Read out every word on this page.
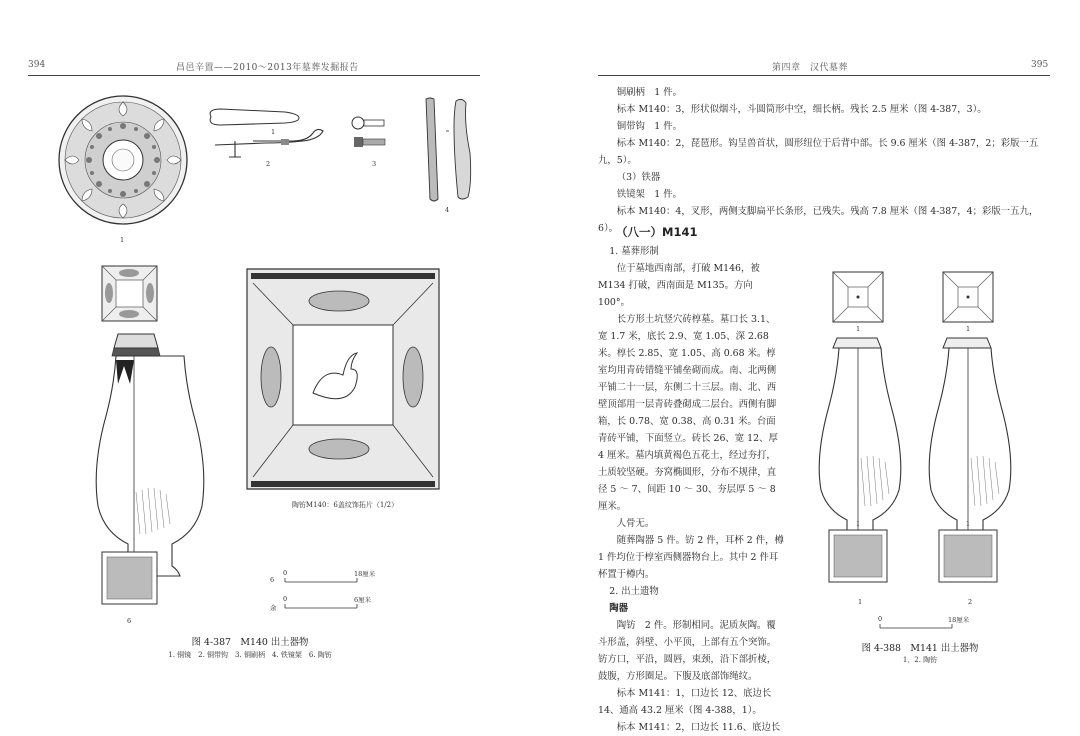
394	昌邑辛置——2010～2013年墓葬发掘报告
1
2
1
3
4
6
陶钫M140：6盖纹饰拓片（1/2）
0	18厘米
6
0	6厘米
余
图 4-387　M140 出土器物
1. 铜镜　2. 铜带钩　3. 铜刷柄　4. 铁镜架　6. 陶钫
第四章　汉代墓葬	395

铜刷柄　1 件。

标本 M140：3，形状似烟斗，斗圆筒形中空，细长柄。残长 2.5 厘米（图 4-387，3）。

铜带钩　1 件。

标本 M140：2，琵琶形。钩呈兽首状，圆形纽位于后背中部。长 9.6 厘米（图 4-387，2；彩版一五九，5）。

（3）铁器

铁镜架　1 件。

标本 M140：4，叉形，两侧支脚扁平长条形，已残失。残高 7.8 厘米（图 4-387，4；彩版一五九，6）。

（八一）M141

1. 墓葬形制

位于墓地西南部，打破 M146，被 M134 打破，西南面是 M135。方向 100°。

长方形土坑竖穴砖椁墓。墓口长 3.1、宽 1.7 米，底长 2.9、宽 1.05、深 2.68 米。椁长 2.85、宽 1.05、高 0.68 米。椁室均用青砖错缝平铺垒砌而成。南、北两侧平铺二十一层，东侧二十三层。南、北、西壁顶部用一层青砖叠砌成二层台。西侧有脚箱，长 0.78、宽 0.38、高 0.31 米。台面青砖平铺，下面竖立。砖长 26、宽 12、厚 4 厘米。墓内填黄褐色五花土，经过夯打，土质较坚硬。夯窝椭圆形，分布不规律，直径 5 ～ 7、间距 10 ～ 30、夯层厚 5 ～ 8 厘米。

人骨无。

随葬陶器 5 件。钫 2 件，耳杯 2 件，樽 1 件均位于椁室西侧器物台上。其中 2 件耳杯置于樽内。

2. 出土遗物

陶器

陶钫　2 件。形制相同。泥质灰陶。覆斗形盖，斜壁、小平顶，上部有五个突饰。钫方口，平沿，圆唇，束颈，沿下部折棱，鼓腹，方形圈足。下腹及底部饰绳纹。

标本 M141：1，口边长 12、底边长 14、通高 43.2 厘米（图 4-388，1）。

标本 M141：2，口边长 11.6、底边长

1	1
1	1
1	2
0	18厘米
图 4-388　M141 出土器物
1、2. 陶钫
